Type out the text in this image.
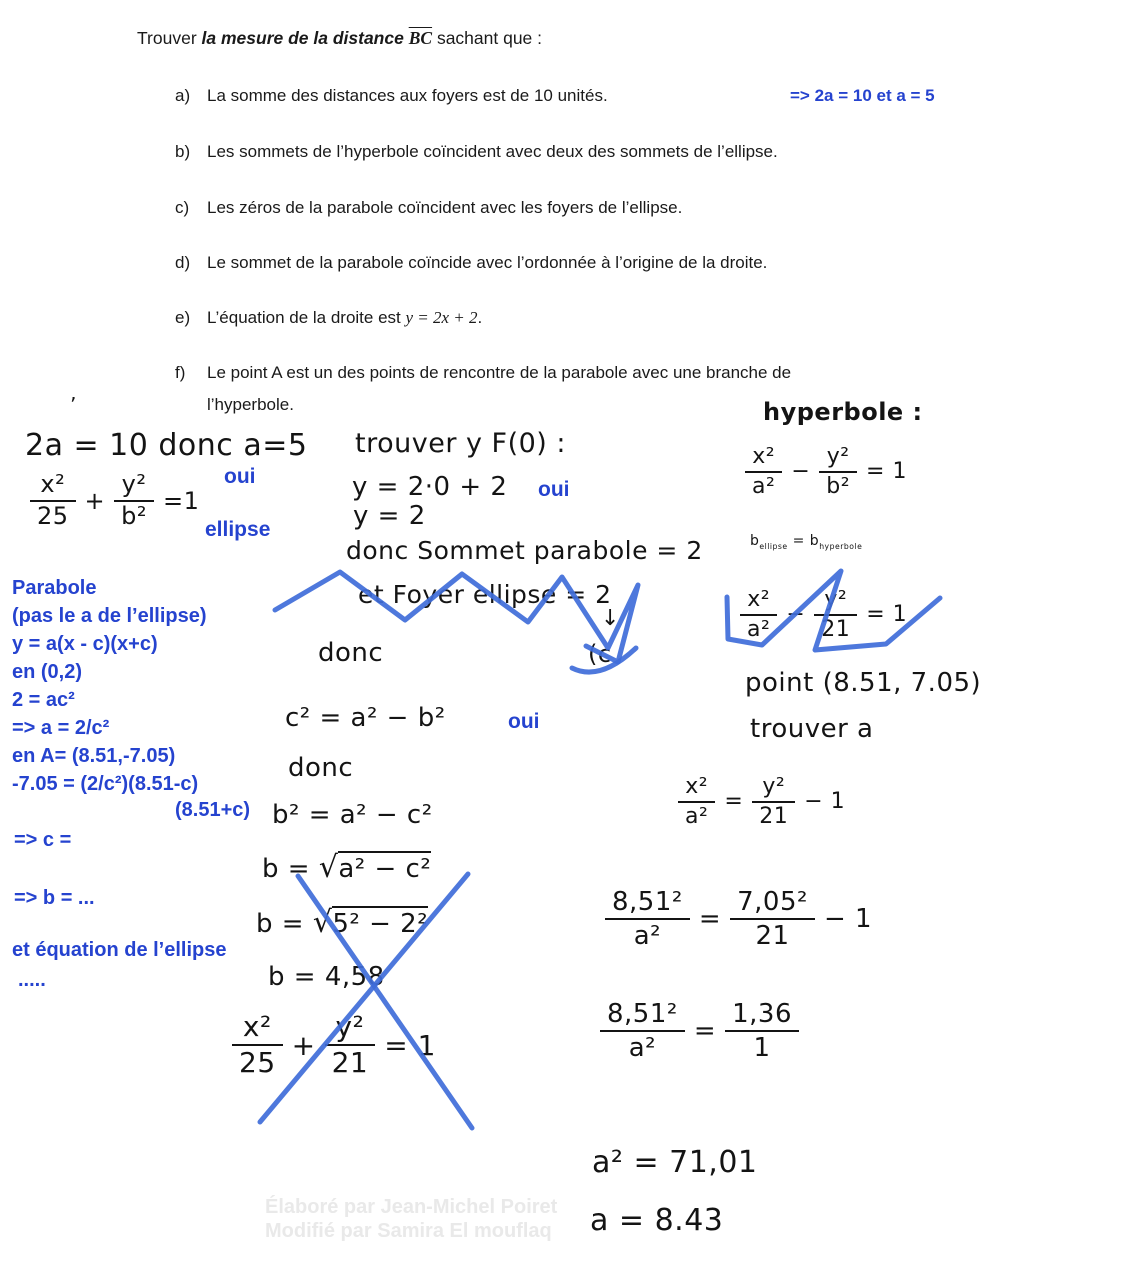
Trouver la mesure de la distance $\overline{BC}$ sachant que :
a) La somme des distances aux foyers est de 10 unités.	=> 2a = 10 et a = 5
b) Les sommets de l’hyperbole coïncident avec deux des sommets de l’ellipse.
c) Les zéros de la parabole coïncident avec les foyers de l’ellipse.
d) Le sommet de la parabole coïncide avec l’ordonnée à l’origine de la droite.
e) L’équation de la droite est y = 2x + 2.
f) Le point A est un des points de rencontre de la parabole avec une branche de
l’hyperbole.
’
2a = 10 donc a=5
$\frac{\text{x²}}{25} + \frac{\text{y²}}{\text{b²}} =1$
oui
ellipse
trouver y F(0) :
y = 2·0 + 2 oui
y = 2
donc Sommet parabole = 2
et Foyer ellipse = 2
donc
↓
(c
hyperbole :
$\frac{\text{x²}}{\text{a²}} - \frac{\text{y²}}{\text{b²}} = 1$
$b_{ellipse} = b_{hyperbole}$
$\frac{\text{x²}}{\text{a²}} - \frac{\text{y²}}{21} = 1$
point (8.51, 7.05)
trouver a
$\frac{\text{x²}}{\text{a²}} = \frac{\text{y²}}{21} - 1$
Parabole
(pas le a de l’ellipse)
y = a(x - c)(x+c)
en (0,2)
2 = ac²
=> a = 2/c²
en A= (8.51,-7.05)
-7.05 = (2/c²)(8.51-c)
(8.51+c)
=> c =
=> b = ...
et équation de l’ellipse
.....
c² = a² − b²	oui
donc
b² = a² − c²
b = √a² − c²
b = √5² − 2²
b = 4,58
$\frac{\text{x²}}{25} + \frac{\text{y²}}{21} = 1$
$\frac{\text{8,51²}}{\text{a²}} = \frac{\text{7,05²}}{21} - 1$
$\frac{\text{8,51²}}{\text{a²}} = \frac{1,36}{1}$
a² = 71,01
a = 8.43
Élaboré par Jean-Michel Poiret
Modifié par Samira El mouflaq
